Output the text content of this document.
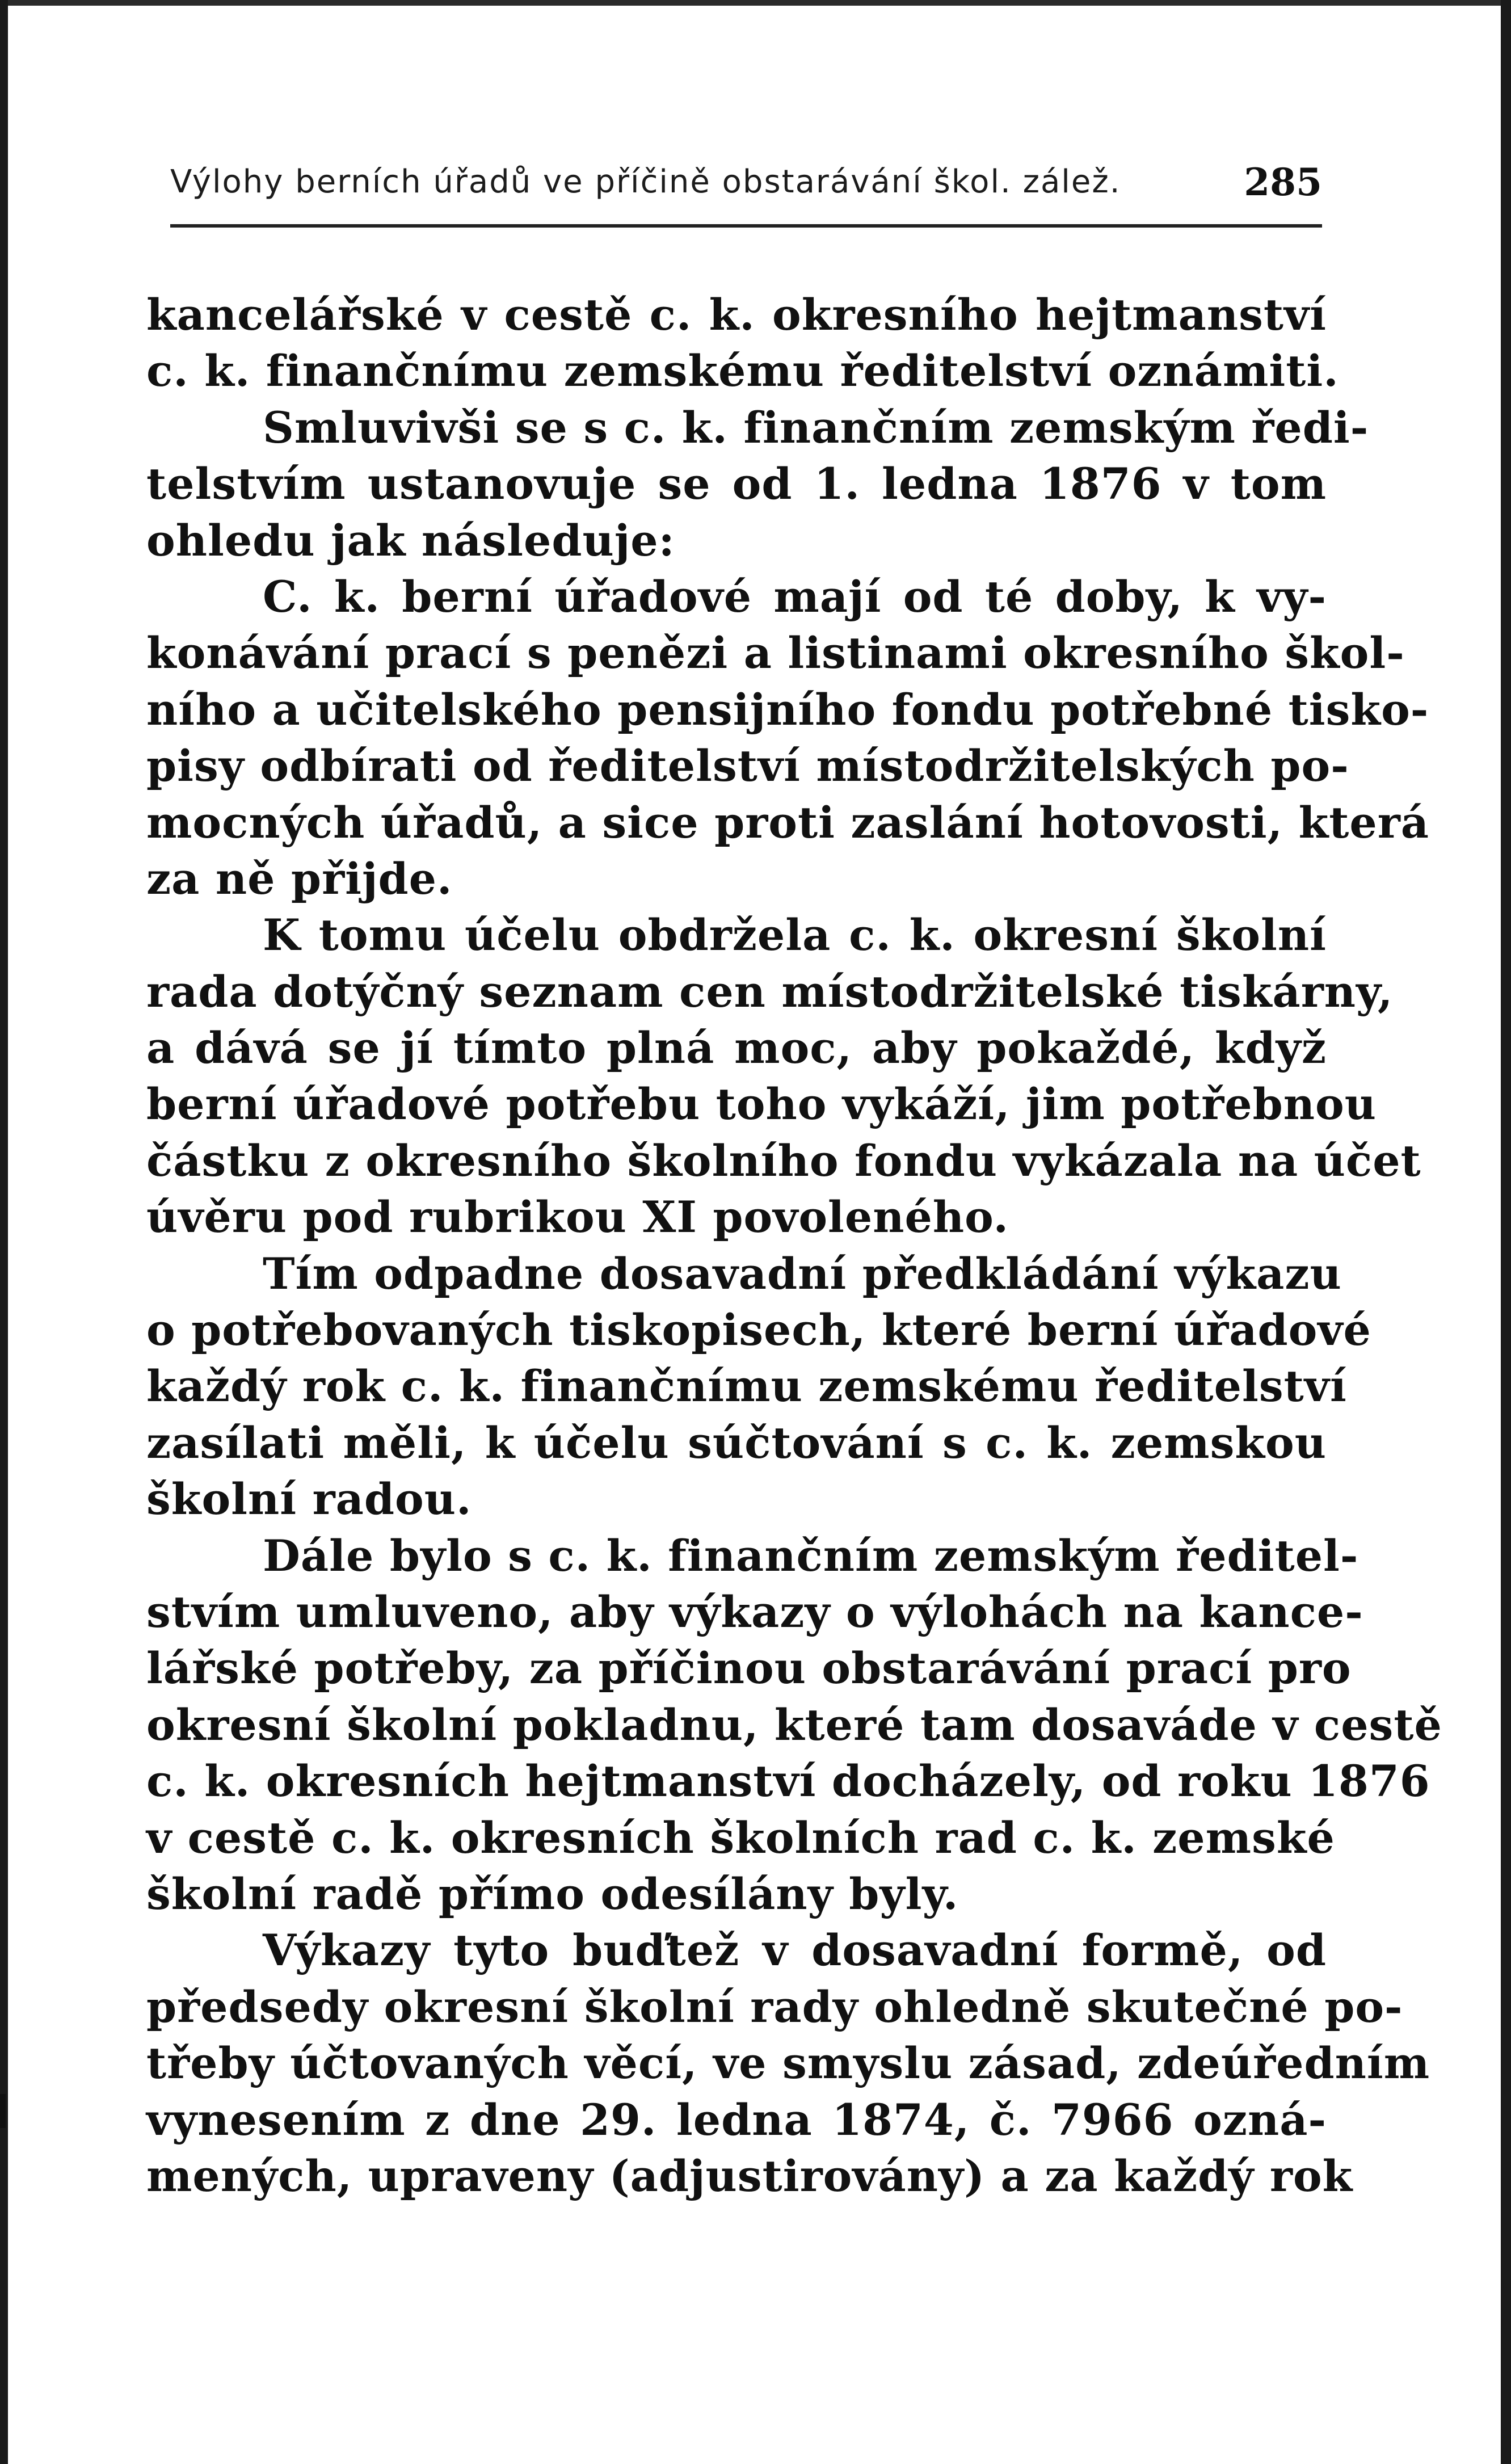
Výlohy berních úřadů ve příčině obstarávání škol. zálež.	285
kancelářské v cestě c. k. okresního hejtmanství
c. k. finančnímu zemskému ředitelství oznámiti.
Smluvivši se s c. k. finančním zemským ředi-
telstvím ustanovuje se od 1. ledna 1876 v tom
ohledu jak následuje:
C. k. berní úřadové mají od té doby, k vy-
konávání prací s penězi a listinami okresního škol-
ního a učitelského pensijního fondu potřebné tisko-
pisy odbírati od ředitelství místodržitelských po-
mocných úřadů, a sice proti zaslání hotovosti, která
za ně přijde.
K tomu účelu obdržela c. k. okresní školní
rada dotýčný seznam cen místodržitelské tiskárny,
a dává se jí tímto plná moc, aby pokaždé, když
berní úřadové potřebu toho vykáží, jim potřebnou
částku z okresního školního fondu vykázala na účet
úvěru pod rubrikou XI povoleného.
Tím odpadne dosavadní předkládání výkazu
o potřebovaných tiskopisech, které berní úřadové
každý rok c. k. finančnímu zemskému ředitelství
zasílati měli, k účelu súčtování s c. k. zemskou
školní radou.
Dále bylo s c. k. finančním zemským ředitel-
stvím umluveno, aby výkazy o výlohách na kance-
lářské potřeby, za příčinou obstarávání prací pro
okresní školní pokladnu, které tam dosaváde v cestě
c. k. okresních hejtmanství docházely, od roku 1876
v cestě c. k. okresních školních rad c. k. zemské
školní radě přímo odesílány byly.
Výkazy tyto buďtež v dosavadní formě, od
předsedy okresní školní rady ohledně skutečné po-
třeby účtovaných věcí, ve smyslu zásad, zdeúředním
vynesením z dne 29. ledna 1874, č. 7966 ozná-
mených, upraveny (adjustirovány) a za každý rok
